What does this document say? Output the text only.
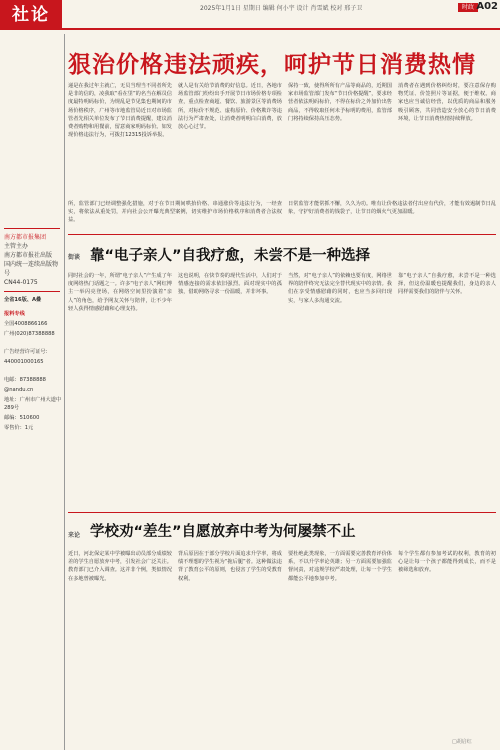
社论	2025年1月1日 星期日 编辑 何小宇 设计 肖雪斌 校对 邢子卫	时政 A02
南方都市报集团
主管主办
南方都市报社出版
国内统一连续出版物号
CN44-0175
全省16版、A叠
报料专线
全国4008866166
广州(020)87388888
广告经营许可证号：
440001000165
电邮：87388888
@nandu.cn
地址：广州市广州大道中289号
邮编：510600
零售价：1元
狠治价格违法顽疾，呵护节日消费热情
递是在我过年主就亡，无员当理当不同者所先是非的信的，凌我取“看在里”的名当在解员信度最特明码标价，为规乱是节见集也期间的市场价格秩序，广州等市地监管局近日对市场监管者先相关单位发布了节日消费提醒，建议消费者购物和用餐前，留意商家明码标价。如发现价格违法行为，可拨打12315投诉举报。
就人是有关给节消费的好信息。近日，各地市场监管部门纷纷出手开展节日市场价格专项检查，重点检查商超、餐饮、旅游景区等消费场所，对标价不规范、虚构原价、价格欺诈等违法行为严肃查处，让消费者明明白白消费，放放心心过节。
保持一致，使得所所有产品等商品的，近期国家市场监管部门发布“节日价格提醒”，要求经营者依法明码标价，不得在标价之外加价出售商品，不得收取任何未予标明的费用，监管部门将持续保持高压态势。
消费者在遇到价格纠纷时，要注意保存购物凭证、价签照片等证据，便于维权。商家也应当诚信经营，以优质的商品和服务吸引顾客，共同营造安全放心的节日消费环境，让节日消费热情持续释放。
所，监管部门已经调整强化措施，对于在节日期间哄抬价格、串通涨价等违法行为，一经查实，将依法从重处罚，并向社会公开曝光典型案例，切实维护市场价格秩序和消费者合法权益。
日常监管才能常抓不懈，久久为功。唯有让价格违法者付出应有代价，才能有效遏制节日乱象，守护好消费者的钱袋子，让节日的烟火气更加温暖。
街谈 靠“电子亲人”自我疗愈，未尝不是一种选择
同时社会的一年，所谓“电子亲人”产生成了年度网络热门话题之一。许多“电子亲人”网红博主一举闪亮登场，在网络空间里扮演着“亲人”的角色，给予网友关怀与陪伴，让不少年轻人获得情感慰藉和心理支持。
这也说明，在快节奏的现代生活中，人们对于情感连接的需求依旧强烈。面对现实中的孤独，借助网络寻求一份温暖，并非坏事。
当然，对“电子亲人”的依赖也要有度，网络世界的陪伴终究无法完全替代现实中的亲情。我们在享受情感慰藉的同时，也应当多回归现实，与家人多沟通交流。
靠“电子亲人”自我疗愈，未尝不是一种选择，但这份温暖也提醒我们，身边的亲人同样需要我们的陪伴与关怀。
来论 学校劝“差生”自愿放弃中考为何屡禁不止
近日，河北保定某中学被曝出动员部分成绩较差的学生自愿放弃中考，引发社会广泛关注。教育部门已介入调查。这并非个例，类似情况在多地曾被曝光。
背后原因在于部分学校片面追求升学率，将成绩不理想的学生视为“拖后腿”者。这种做法违背了教育公平的原则，也侵害了学生的受教育权利。
要杜绝此类现象，一方面需要完善教育评价体系，不以升学率论英雄；另一方面需要加强监督问责，对违规学校严肃处理，让每一个学生都能公平地参加中考。
每个学生都有参加考试的权利，教育的初心是让每一个孩子都能得到成长，而不是被筛选和放弃。
□胡启红
